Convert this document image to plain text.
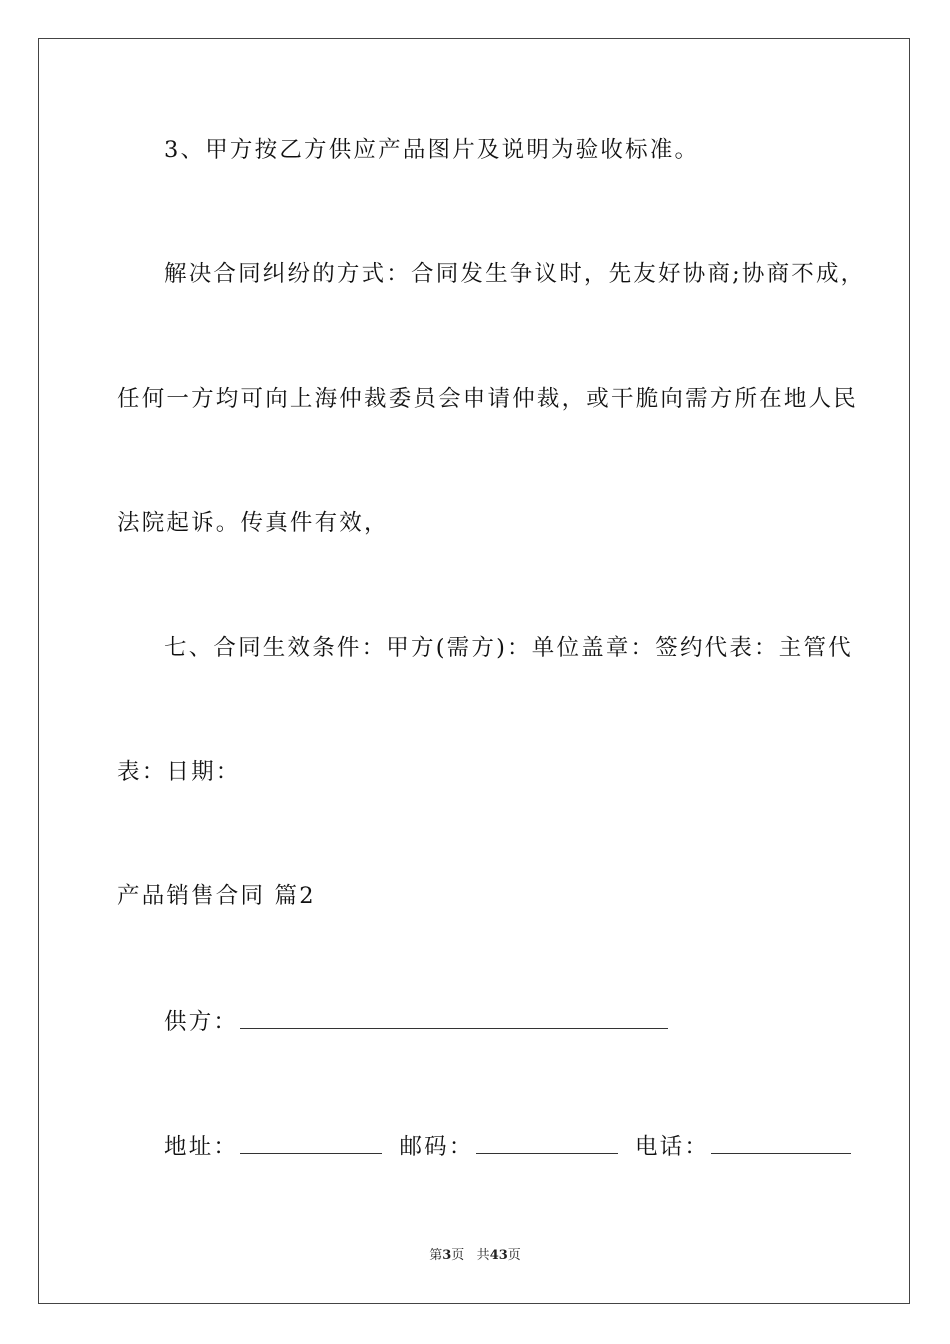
3、甲方按乙方供应产品图片及说明为验收标准。
解决合同纠纷的方式：合同发生争议时，先友好协商;协商不成，
任何一方均可向上海仲裁委员会申请仲裁，或干脆向需方所在地人民
法院起诉。传真件有效，
七、合同生效条件：甲方(需方)：单位盖章：签约代表：主管代
表：日期：
产品销售合同 篇2
供方：
地址：	邮码：	电话：
第3页 共43页
